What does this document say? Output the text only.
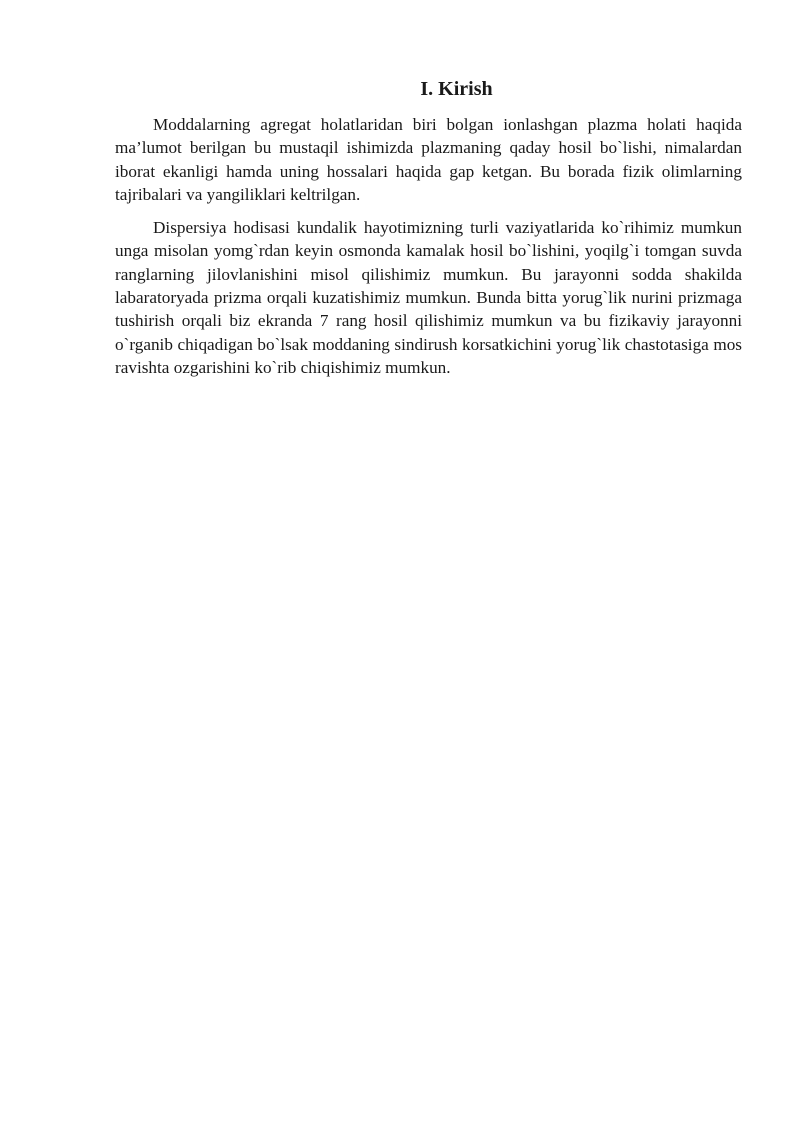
I. Kirish

Moddalarning agregat holatlaridan biri bolgan ionlashgan plazma holati haqida ma’lumot berilgan bu mustaqil ishimizda plazmaning qaday hosil bo`lishi, nimalardan iborat ekanligi hamda uning hossalari haqida gap ketgan. Bu borada fizik olimlarning tajribalari va yangiliklari keltrilgan.

Dispersiya hodisasi kundalik hayotimizning turli vaziyatlarida ko`rihimiz mumkun unga misolan yomg`rdan keyin osmonda kamalak hosil bo`lishini, yoqilg`i tomgan suvda ranglarning jilovlanishini misol qilishimiz mumkun. Bu jarayonni sodda shakilda labaratoryada prizma orqali kuzatishimiz mumkun. Bunda bitta yorug`lik nurini prizmaga tushirish orqali biz ekranda 7 rang hosil qilishimiz mumkun va bu fizikaviy jarayonni o`rganib chiqadigan bo`lsak moddaning sindirush korsatkichini yorug`lik chastotasiga mos ravishta ozgarishini ko`rib chiqishimiz mumkun.
